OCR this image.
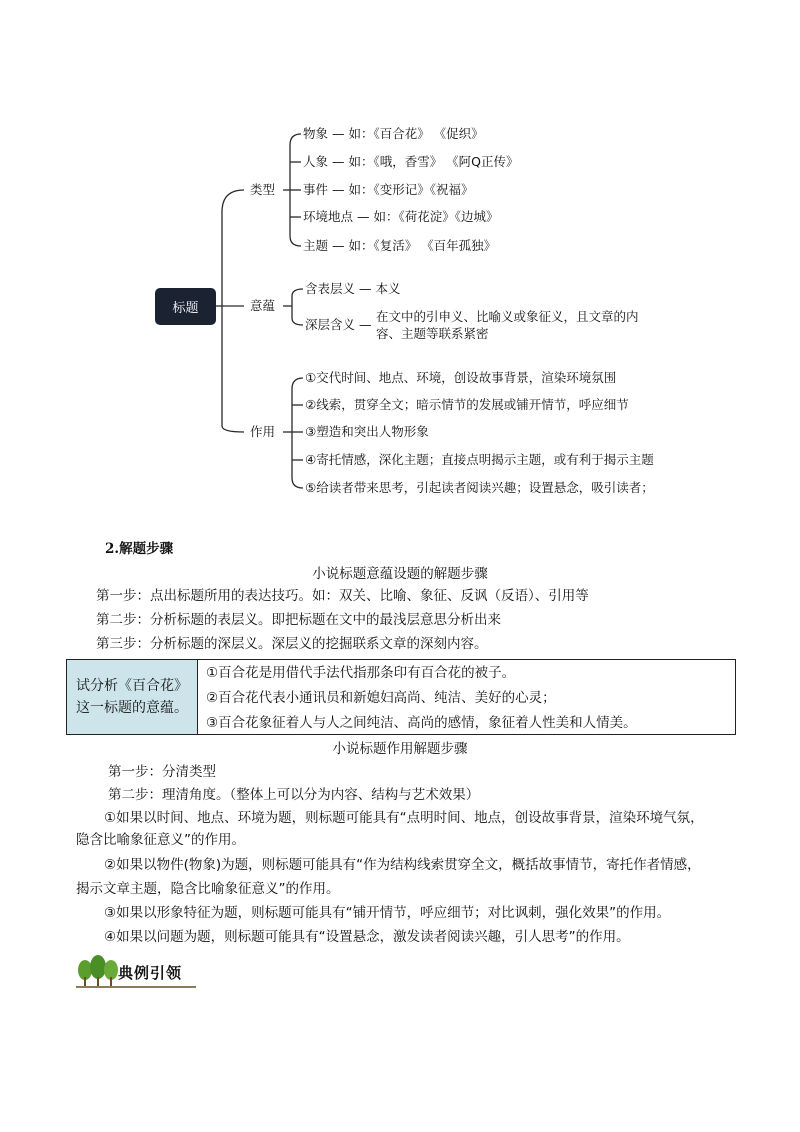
标题
类型
意蕴
作用
物象 — 如：《百合花》 《促织》
人象 — 如：《哦，香雪》 《阿Q正传》
事件 — 如：《变形记》《祝福》
环境地点 — 如：《荷花淀》《边城》
主题 — 如：《复活》 《百年孤独》
含表层义 — 本义
深层含义 —
在文中的引申义、比喻义或象征义，且文章的内
容、主题等联系紧密
①交代时间、地点、环境，创设故事背景，渲染环境氛围
②线索，贯穿全文；暗示情节的发展或铺开情节，呼应细节
③塑造和突出人物形象
④寄托情感，深化主题；直接点明揭示主题，或有利于揭示主题
⑤给读者带来思考，引起读者阅读兴趣；设置悬念，吸引读者；
2.解题步骤
小说标题意蕴设题的解题步骤
第一步：点出标题所用的表达技巧。如：双关、比喻、象征、反讽（反语）、引用等
第二步：分析标题的表层义。即把标题在文中的最浅层意思分析出来
第三步：分析标题的深层义。深层义的挖掘联系文章的深刻内容。
试分析《百合花》
这一标题的意蕴。
①百合花是用借代手法代指那条印有百合花的被子。
②百合花代表小通讯员和新媳妇高尚、纯洁、美好的心灵；
③百合花象征着人与人之间纯洁、高尚的感情，象征着人性美和人情美。
小说标题作用解题步骤
第一步：分清类型
第二步：理清角度。（整体上可以分为内容、结构与艺术效果）
①如果以时间、地点、环境为题，则标题可能具有“点明时间、地点，创设故事背景，渲染环境气氛，
隐含比喻象征意义”的作用。
②如果以物件(物象)为题，则标题可能具有“作为结构线索贯穿全文，概括故事情节，寄托作者情感，
揭示文章主题，隐含比喻象征意义”的作用。
③如果以形象特征为题，则标题可能具有“铺开情节，呼应细节；对比讽刺，强化效果”的作用。
④如果以问题为题，则标题可能具有“设置悬念，激发读者阅读兴趣，引人思考”的作用。
典例引领
